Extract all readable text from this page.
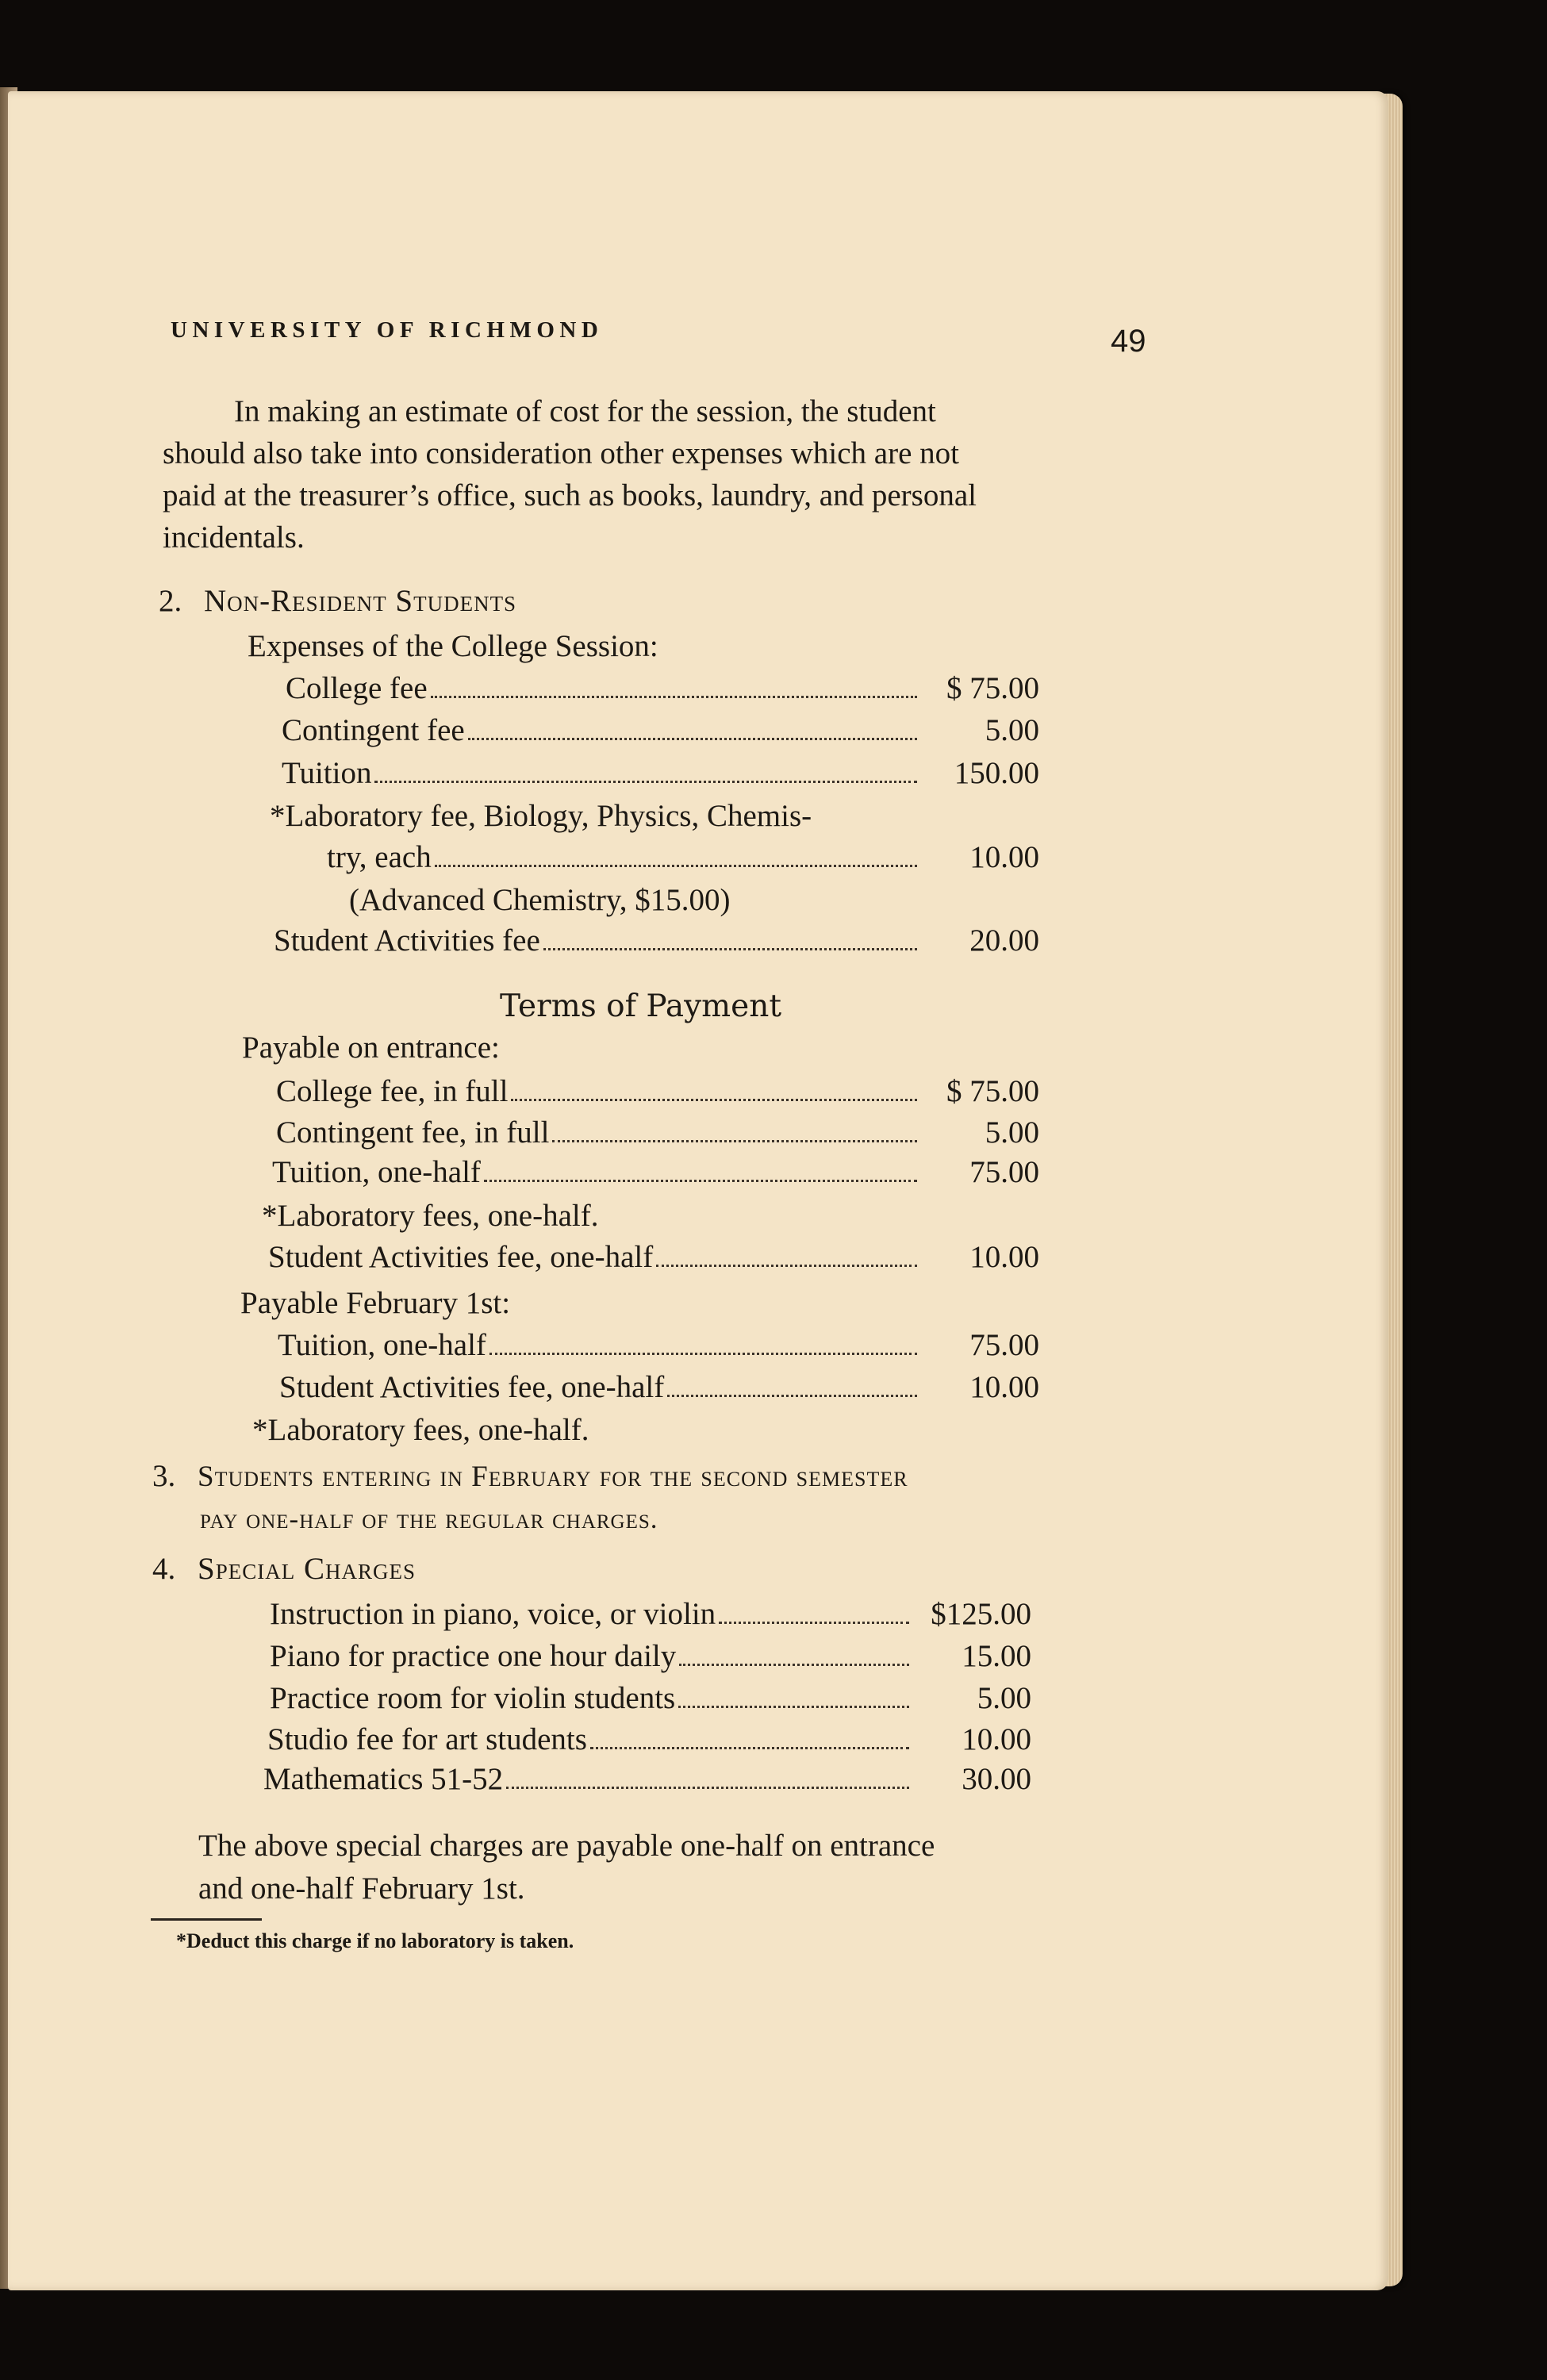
UNIVERSITY OF RICHMOND	49

In making an estimate of cost for the session, the student

should also take into consideration other expenses which are not

paid at the treasurer’s office, such as books, laundry, and personal

incidentals.

2. Non-Resident Students
Expenses of the College Session:
College fee	$ 75.00
Contingent fee	5.00
Tuition	150.00
*Laboratory fee, Biology, Physics, Chemis-
try, each	10.00
(Advanced Chemistry, $15.00)
Student Activities fee	20.00
Terms of Payment
Payable on entrance:
College fee, in full	$ 75.00
Contingent fee, in full	5.00
Tuition, one-half	75.00
*Laboratory fees, one-half.
Student Activities fee, one-half	10.00
Payable February 1st:
Tuition, one-half	75.00
Student Activities fee, one-half	10.00
*Laboratory fees, one-half.
3. Students entering in February for the second semester
pay one-half of the regular charges.
4. Special Charges
Instruction in piano, voice, or violin	$125.00
Piano for practice one hour daily	15.00
Practice room for violin students	5.00
Studio fee for art students	10.00
Mathematics 51-52	30.00

The above special charges are payable one-half on entrance

and one-half February 1st.

*Deduct this charge if no laboratory is taken.
